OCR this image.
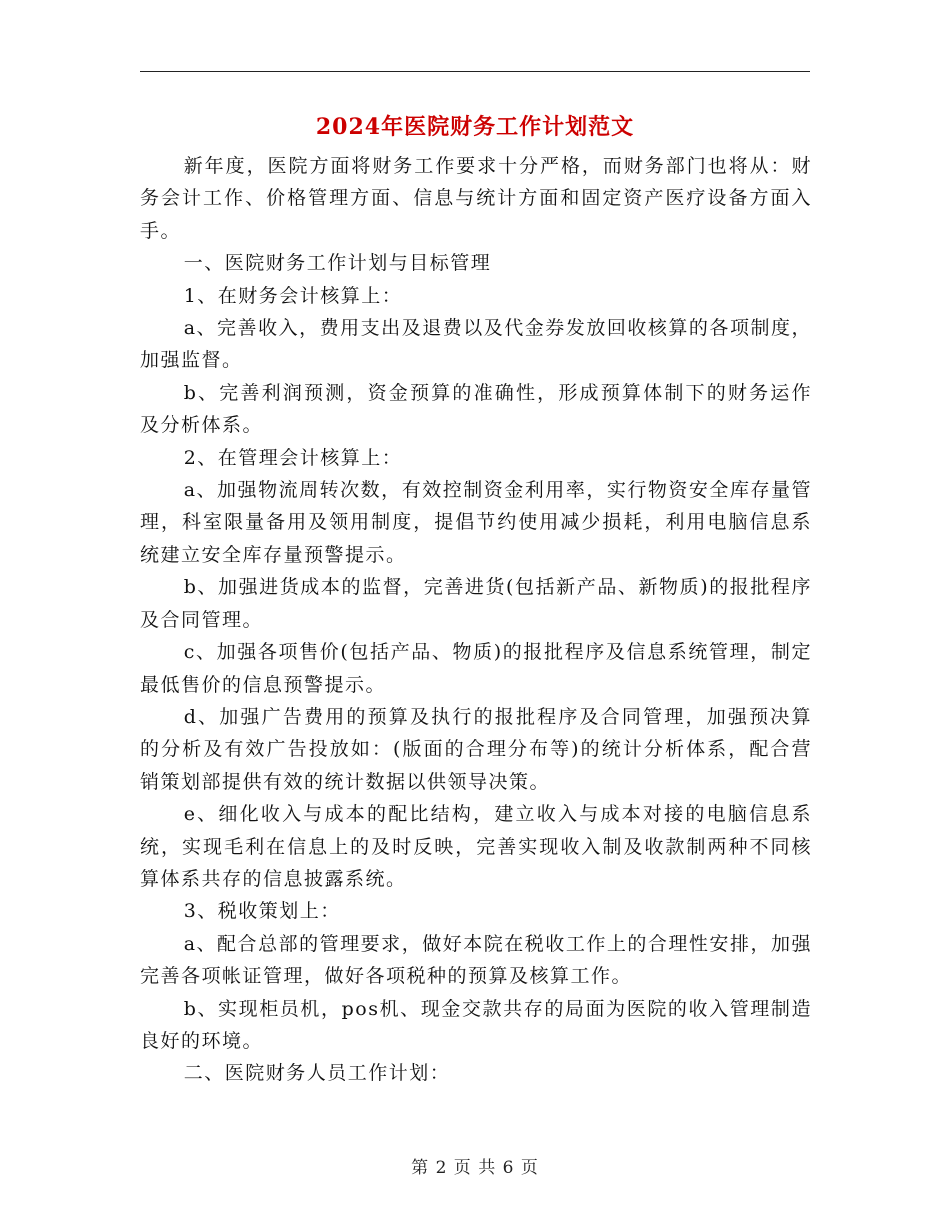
2024年医院财务工作计划范文

新年度，医院方面将财务工作要求十分严格，而财务部门也将从：财务会计工作、价格管理方面、信息与统计方面和固定资产医疗设备方面入手。

一、医院财务工作计划与目标管理

1、在财务会计核算上：

a、完善收入，费用支出及退费以及代金券发放回收核算的各项制度，加强监督。

b、完善利润预测，资金预算的准确性，形成预算体制下的财务运作及分析体系。

2、在管理会计核算上：

a、加强物流周转次数，有效控制资金利用率，实行物资安全库存量管理，科室限量备用及领用制度，提倡节约使用减少损耗，利用电脑信息系统建立安全库存量预警提示。

b、加强进货成本的监督，完善进货(包括新产品、新物质)的报批程序及合同管理。

c、加强各项售价(包括产品、物质)的报批程序及信息系统管理，制定最低售价的信息预警提示。

d、加强广告费用的预算及执行的报批程序及合同管理，加强预决算的分析及有效广告投放如：(版面的合理分布等)的统计分析体系，配合营销策划部提供有效的统计数据以供领导决策。

e、细化收入与成本的配比结构，建立收入与成本对接的电脑信息系统，实现毛利在信息上的及时反映，完善实现收入制及收款制两种不同核算体系共存的信息披露系统。

3、税收策划上：

a、配合总部的管理要求，做好本院在税收工作上的合理性安排，加强完善各项帐证管理，做好各项税种的预算及核算工作。

b、实现柜员机，pos机、现金交款共存的局面为医院的收入管理制造良好的环境。

二、医院财务人员工作计划：

第 2 页 共 6 页
